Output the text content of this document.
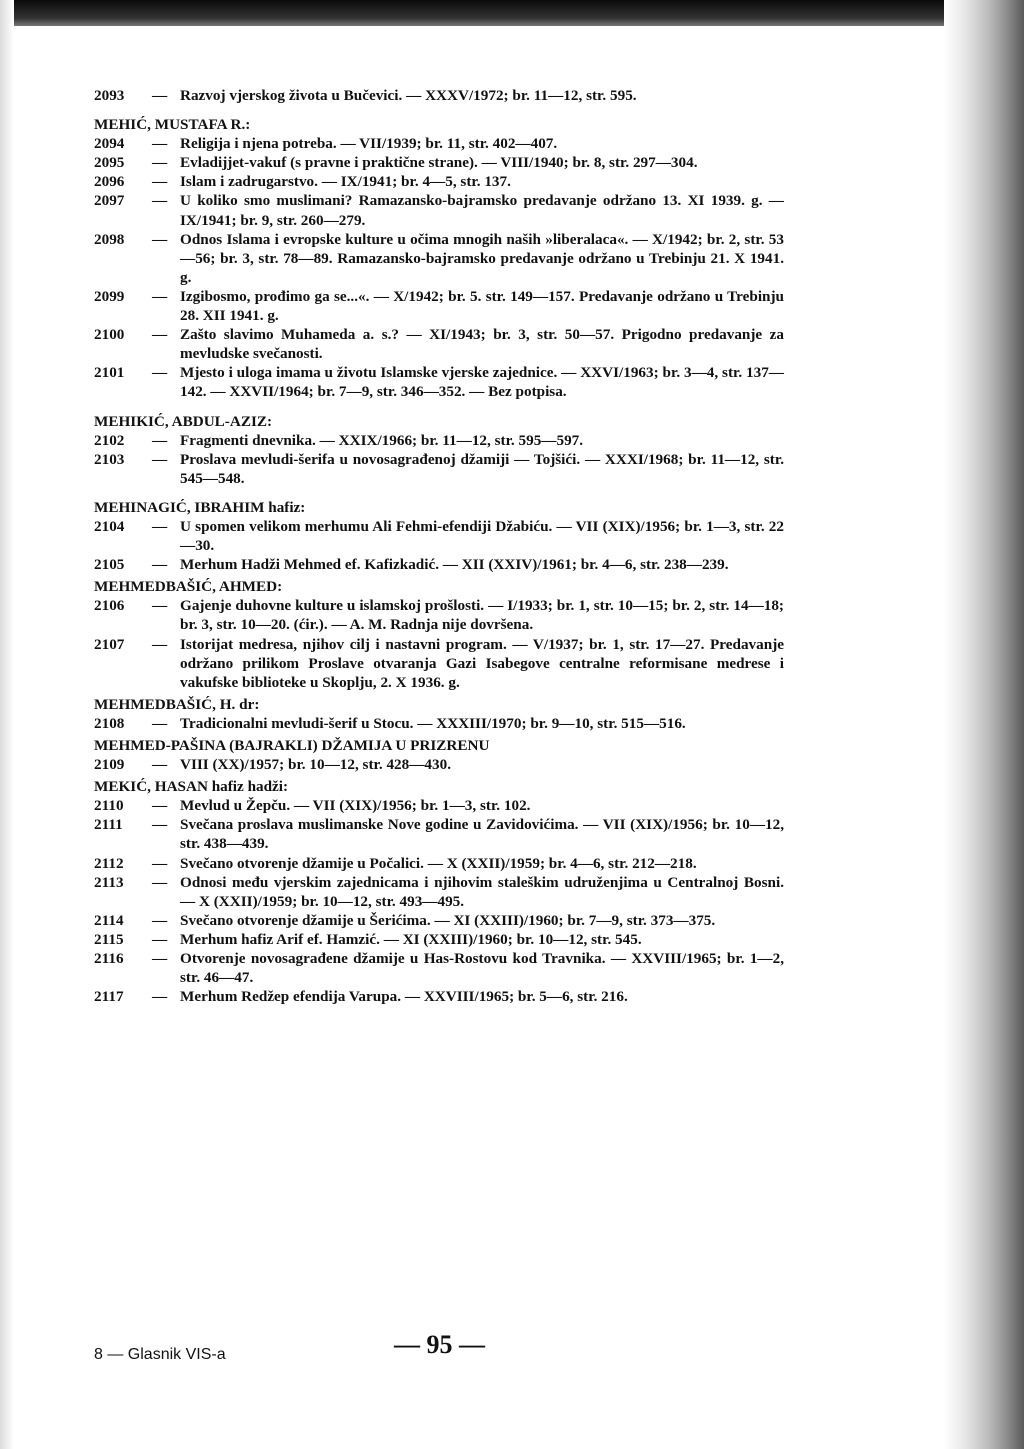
2093	— Razvoj vjerskog života u Bučevici. — XXXV/1972; br. 11—12, str. 595.
MEHIĆ, MUSTAFA R.:
2094	— Religija i njena potreba. — VII/1939; br. 11, str. 402—407.
2095	— Evladijjet-vakuf (s pravne i praktične strane). — VIII/1940; br. 8, str. 297—304.
2096	— Islam i zadrugarstvo. — IX/1941; br. 4—5, str. 137.
2097	— U koliko smo muslimani? Ramazansko-bajramsko predavanje održano 13. XI 1939. g. — IX/1941; br. 9, str. 260—279.
2098	— Odnos Islama i evropske kulture u očima mnogih naših »liberalaca«. — X/1942; br. 2, str. 53—56; br. 3, str. 78—89. Ramazansko-bajramsko predavanje održano u Trebinju 21. X 1941. g.
2099	— Izgibosmo, prođimo ga se...«. — X/1942; br. 5. str. 149—157. Predavanje održano u Trebinju 28. XII 1941. g.
2100	— Zašto slavimo Muhameda a. s.? — XI/1943; br. 3, str. 50—57. Prigodno predavanje za mevludske svečanosti.
2101	— Mjesto i uloga imama u životu Islamske vjerske zajednice. — XXVI/1963; br. 3—4, str. 137—142. — XXVII/1964; br. 7—9, str. 346—352. — Bez potpisa.
MEHIKIĆ, ABDUL-AZIZ:
2102	— Fragmenti dnevnika. — XXIX/1966; br. 11—12, str. 595—597.
2103	— Proslava mevludi-šerifa u novosagrađenoj džamiji — Tojšići. — XXXI/1968; br. 11—12, str. 545—548.
MEHINAGIĆ, IBRAHIM hafiz:
2104	— U spomen velikom merhumu Ali Fehmi-efendiji Džabiću. — VII (XIX)/1956; br. 1—3, str. 22—30.
2105	— Merhum Hadži Mehmed ef. Kafizkadić. — XII (XXIV)/1961; br. 4—6, str. 238—239.
MEHMEDBAŠIĆ, AHMED:
2106	— Gajenje duhovne kulture u islamskoj prošlosti. — I/1933; br. 1, str. 10—15; br. 2, str. 14—18; br. 3, str. 10—20. (ćir.). — A. M. Radnja nije dovršena.
2107	— Istorijat medresa, njihov cilj i nastavni program. — V/1937; br. 1, str. 17—27. Predavanje održano prilikom Proslave otvaranja Gazi Isabegove centralne reformisane medrese i vakufske biblioteke u Skoplju, 2. X 1936. g.
MEHMEDBAŠIĆ, H. dr:
2108	— Tradicionalni mevludi-šerif u Stocu. — XXXIII/1970; br. 9—10, str. 515—516.
MEHMED-PAŠINA (BAJRAKLI) DŽAMIJA U PRIZRENU
2109	— VIII (XX)/1957; br. 10—12, str. 428—430.
MEKIĆ, HASAN hafiz hadži:
2110	— Mevlud u Žepču. — VII (XIX)/1956; br. 1—3, str. 102.
2111	— Svečana proslava muslimanske Nove godine u Zavidovićima. — VII (XIX)/1956; br. 10—12, str. 438—439.
2112	— Svečano otvorenje džamije u Počalici. — X (XXII)/1959; br. 4—6, str. 212—218.
2113	— Odnosi među vjerskim zajednicama i njihovim staleškim udruženjima u Centralnoj Bosni. — X (XXII)/1959; br. 10—12, str. 493—495.
2114	— Svečano otvorenje džamije u Šerićima. — XI (XXIII)/1960; br. 7—9, str. 373—375.
2115	— Merhum hafiz Arif ef. Hamzić. — XI (XXIII)/1960; br. 10—12, str. 545.
2116	— Otvorenje novosagrađene džamije u Has-Rostovu kod Travnika. — XXVIII/1965; br. 1—2, str. 46—47.
2117	— Merhum Redžep efendija Varupa. — XXVIII/1965; br. 5—6, str. 216.
8 — Glasnik VIS-a	— 95 —
